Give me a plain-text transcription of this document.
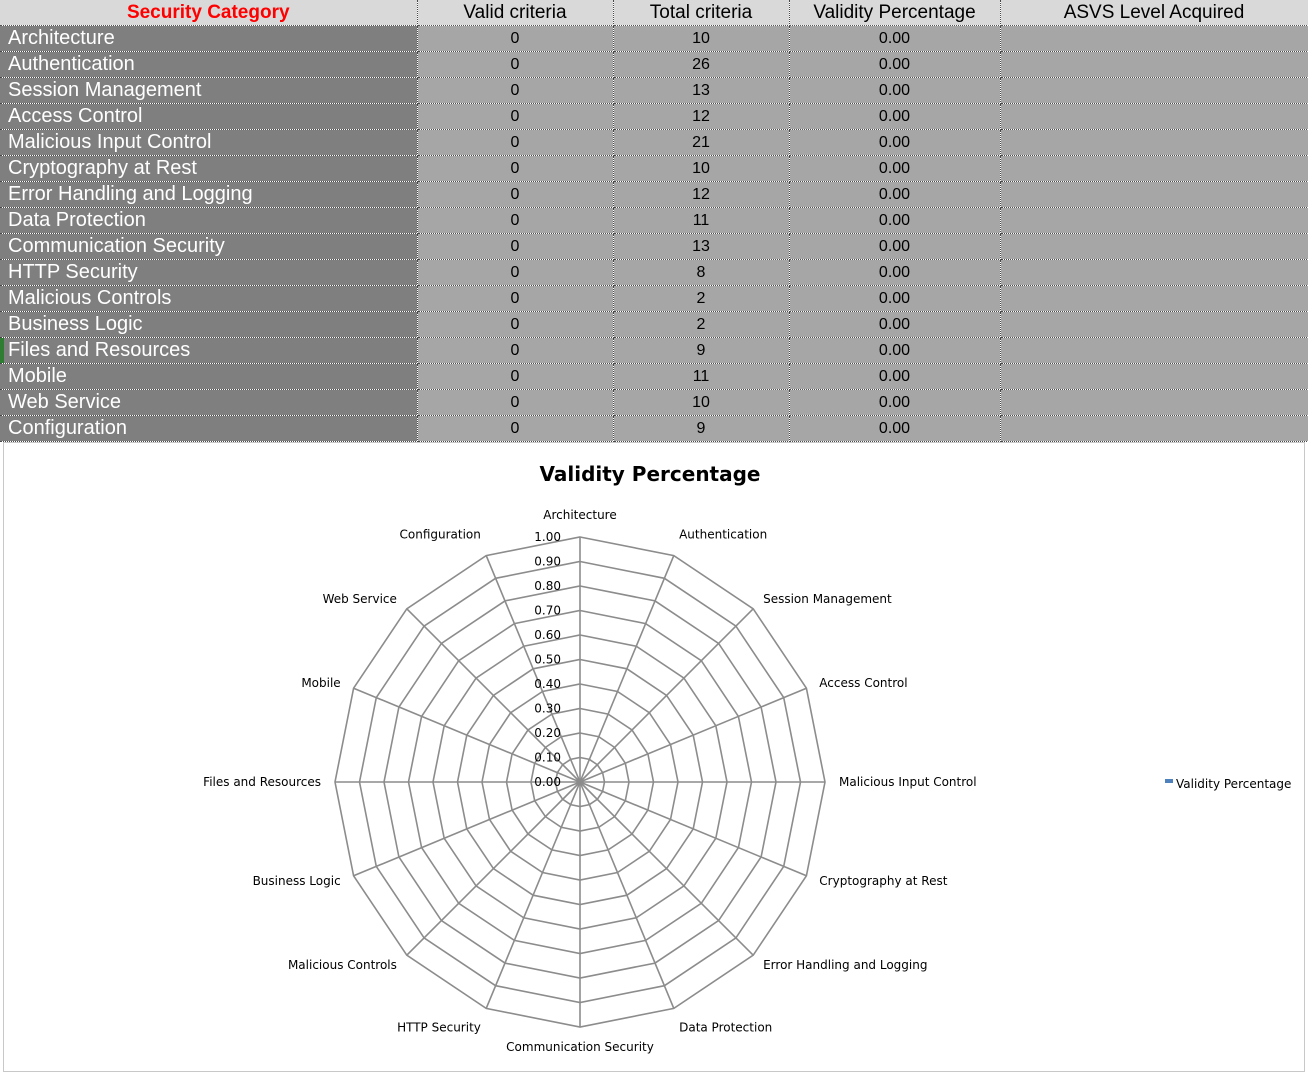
Security Category	Valid criteria	Total criteria	Validity Percentage	ASVS Level Acquired
Architecture	0	10	0.00	
Authentication	0	26	0.00	
Session Management	0	13	0.00	
Access Control	0	12	0.00	
Malicious Input Control	0	21	0.00	
Cryptography at Rest	0	10	0.00	
Error Handling and Logging	0	12	0.00	
Data Protection	0	11	0.00	
Communication Security	0	13	0.00	
HTTP Security	0	8	0.00	
Malicious Controls	0	2	0.00	
Business Logic	0	2	0.00	
Files and Resources	0	9	0.00	
Mobile	0	11	0.00	
Web Service	0	10	0.00	
Configuration	0	9	0.00	
Validity Percentage
0.00
0.10
0.20
0.30
0.40
0.50
0.60
0.70
0.80
0.90
1.00
Architecture
Authentication
Session Management
Access Control
Malicious Input Control
Cryptography at Rest
Error Handling and Logging
Data Protection
Communication Security
HTTP Security
Malicious Controls
Business Logic
Files and Resources
Mobile
Web Service
Configuration
Validity Percentage
